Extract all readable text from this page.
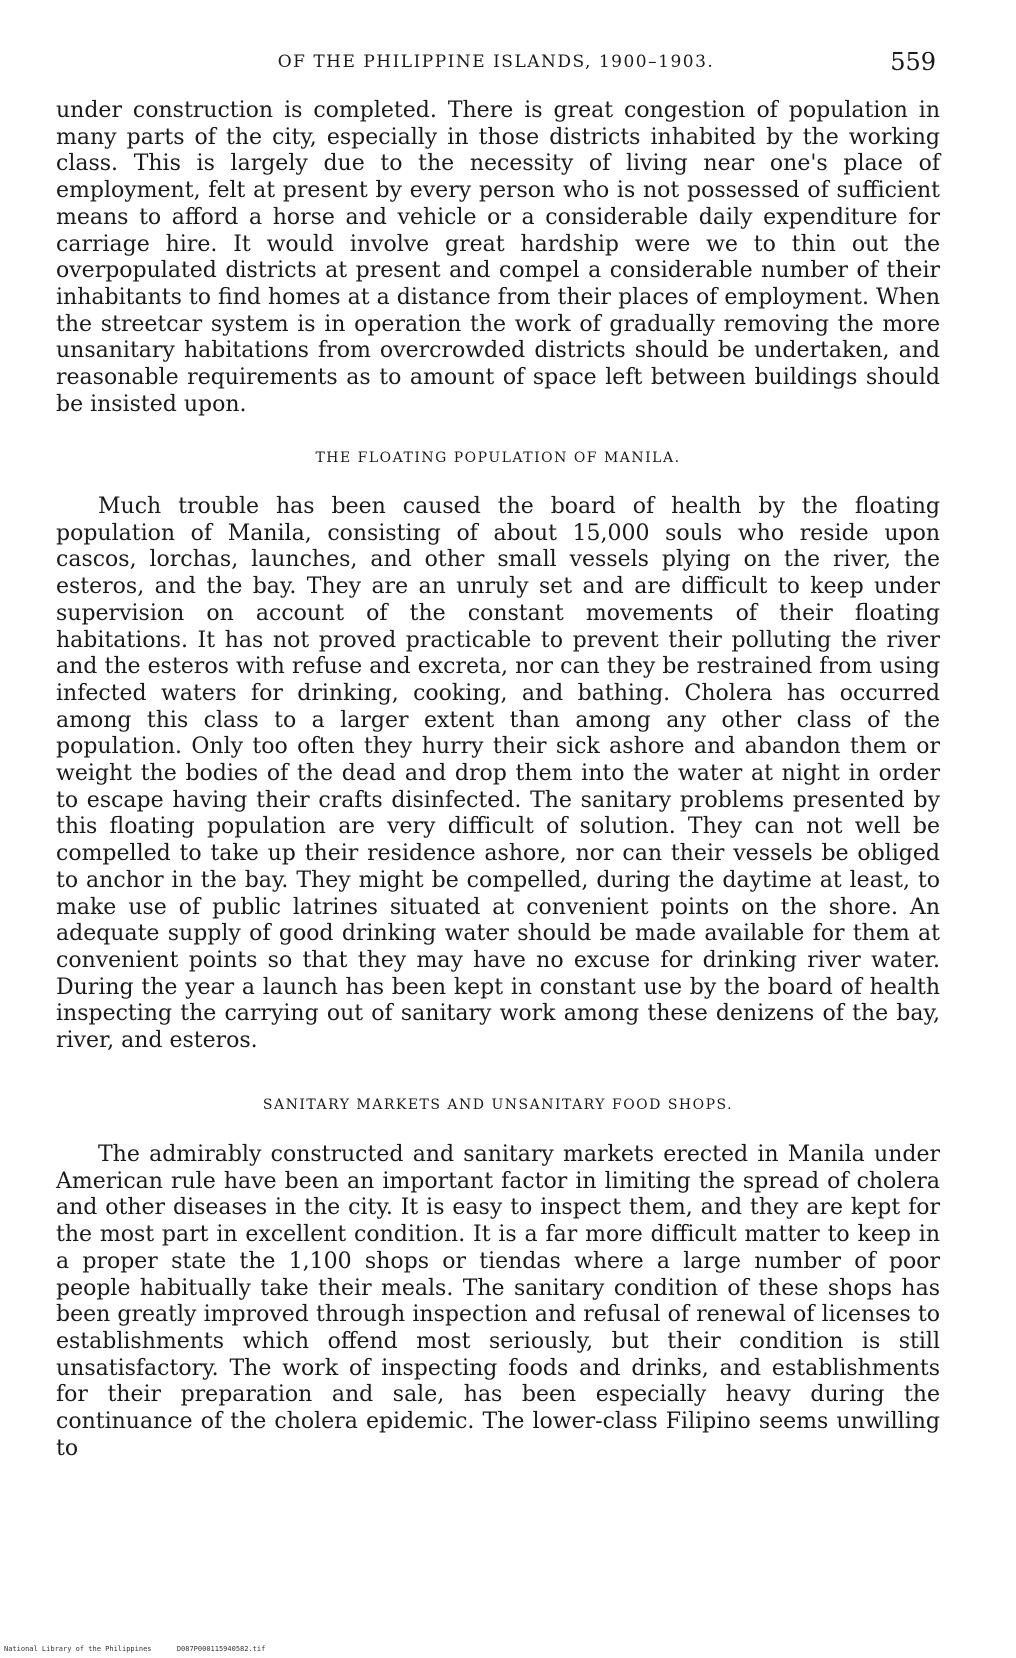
OF THE PHILIPPINE ISLANDS, 1900–1903.	559

under construction is completed. There is great congestion of population in many parts of the city, especially in those districts inhabited by the working class. This is largely due to the necessity of living near one's place of employment, felt at present by every person who is not possessed of sufficient means to afford a horse and vehicle or a considerable daily expenditure for carriage hire. It would involve great hardship were we to thin out the overpopulated districts at present and compel a considerable number of their inhabitants to find homes at a distance from their places of employment. When the streetcar system is in operation the work of gradually removing the more unsanitary habitations from overcrowded districts should be undertaken, and reasonable requirements as to amount of space left between buildings should be insisted upon.

THE FLOATING POPULATION OF MANILA.

Much trouble has been caused the board of health by the floating population of Manila, consisting of about 15,000 souls who reside upon cascos, lorchas, launches, and other small vessels plying on the river, the esteros, and the bay. They are an unruly set and are difficult to keep under supervision on account of the constant movements of their floating habitations. It has not proved practicable to prevent their polluting the river and the esteros with refuse and excreta, nor can they be restrained from using infected waters for drinking, cooking, and bathing. Cholera has occurred among this class to a larger extent than among any other class of the population. Only too often they hurry their sick ashore and abandon them or weight the bodies of the dead and drop them into the water at night in order to escape having their crafts disinfected. The sanitary problems presented by this floating population are very difficult of solution. They can not well be compelled to take up their residence ashore, nor can their vessels be obliged to anchor in the bay. They might be compelled, during the daytime at least, to make use of public latrines situated at convenient points on the shore. An adequate supply of good drinking water should be made available for them at convenient points so that they may have no excuse for drinking river water. During the year a launch has been kept in constant use by the board of health inspecting the carrying out of sanitary work among these denizens of the bay, river, and esteros.

SANITARY MARKETS AND UNSANITARY FOOD SHOPS.

The admirably constructed and sanitary markets erected in Manila under American rule have been an important factor in limiting the spread of cholera and other diseases in the city. It is easy to inspect them, and they are kept for the most part in excellent condition. It is a far more difficult matter to keep in a proper state the 1,100 shops or tiendas where a large number of poor people habitually take their meals. The sanitary condition of these shops has been greatly improved through inspection and refusal of renewal of licenses to establishments which offend most seriously, but their condition is still unsatisfactory. The work of inspecting foods and drinks, and establishments for their preparation and sale, has been especially heavy during the continuance of the cholera epidemic. The lower-class Filipino seems unwilling to

National Library of the Philippines	D087P000115940582.tif
